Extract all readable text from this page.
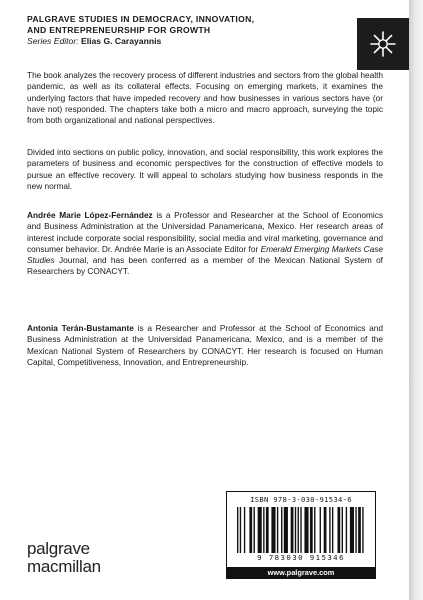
PALGRAVE STUDIES IN DEMOCRACY, INNOVATION,
AND ENTREPRENEURSHIP FOR GROWTH
Series Editor: Elias G. Carayannis
The book analyzes the recovery process of different industries and sectors from the global health pandemic, as well as its collateral effects. Focusing on emerging markets, it examines the underlying factors that have impeded recovery and how businesses in various sectors have (or have not) responded. The chapters take both a micro and macro approach, surveying the topic from both organizational and national perspectives.
Divided into sections on public policy, innovation, and social responsibility, this work explores the parameters of business and economic perspectives for the construction of effective models to pursue an effective recovery. It will appeal to scholars studying how business responds in the new normal.
Andrée Marie López-Fernández is a Professor and Researcher at the School of Economics and Business Administration at the Universidad Panamericana, Mexico. Her research areas of interest include corporate social responsibility, social media and viral marketing, governance and consumer behavior. Dr. Andrée Marie is an Associate Editor for Emerald Emerging Markets Case Studies Journal, and has been conferred as a member of the Mexican National System of Researchers by CONACYT.
Antonia Terán-Bustamante is a Researcher and Professor at the School of Economics and Business Administration at the Universidad Panamericana, Mexico, and is a member of the Mexican National System of Researchers by CONACYT. Her research is focused on Human Capital, Competitiveness, Innovation, and Entrepreneurship.
palgrave
macmillan
ISBN 978-3-030-91534-6
9 783030 915346
www.palgrave.com
